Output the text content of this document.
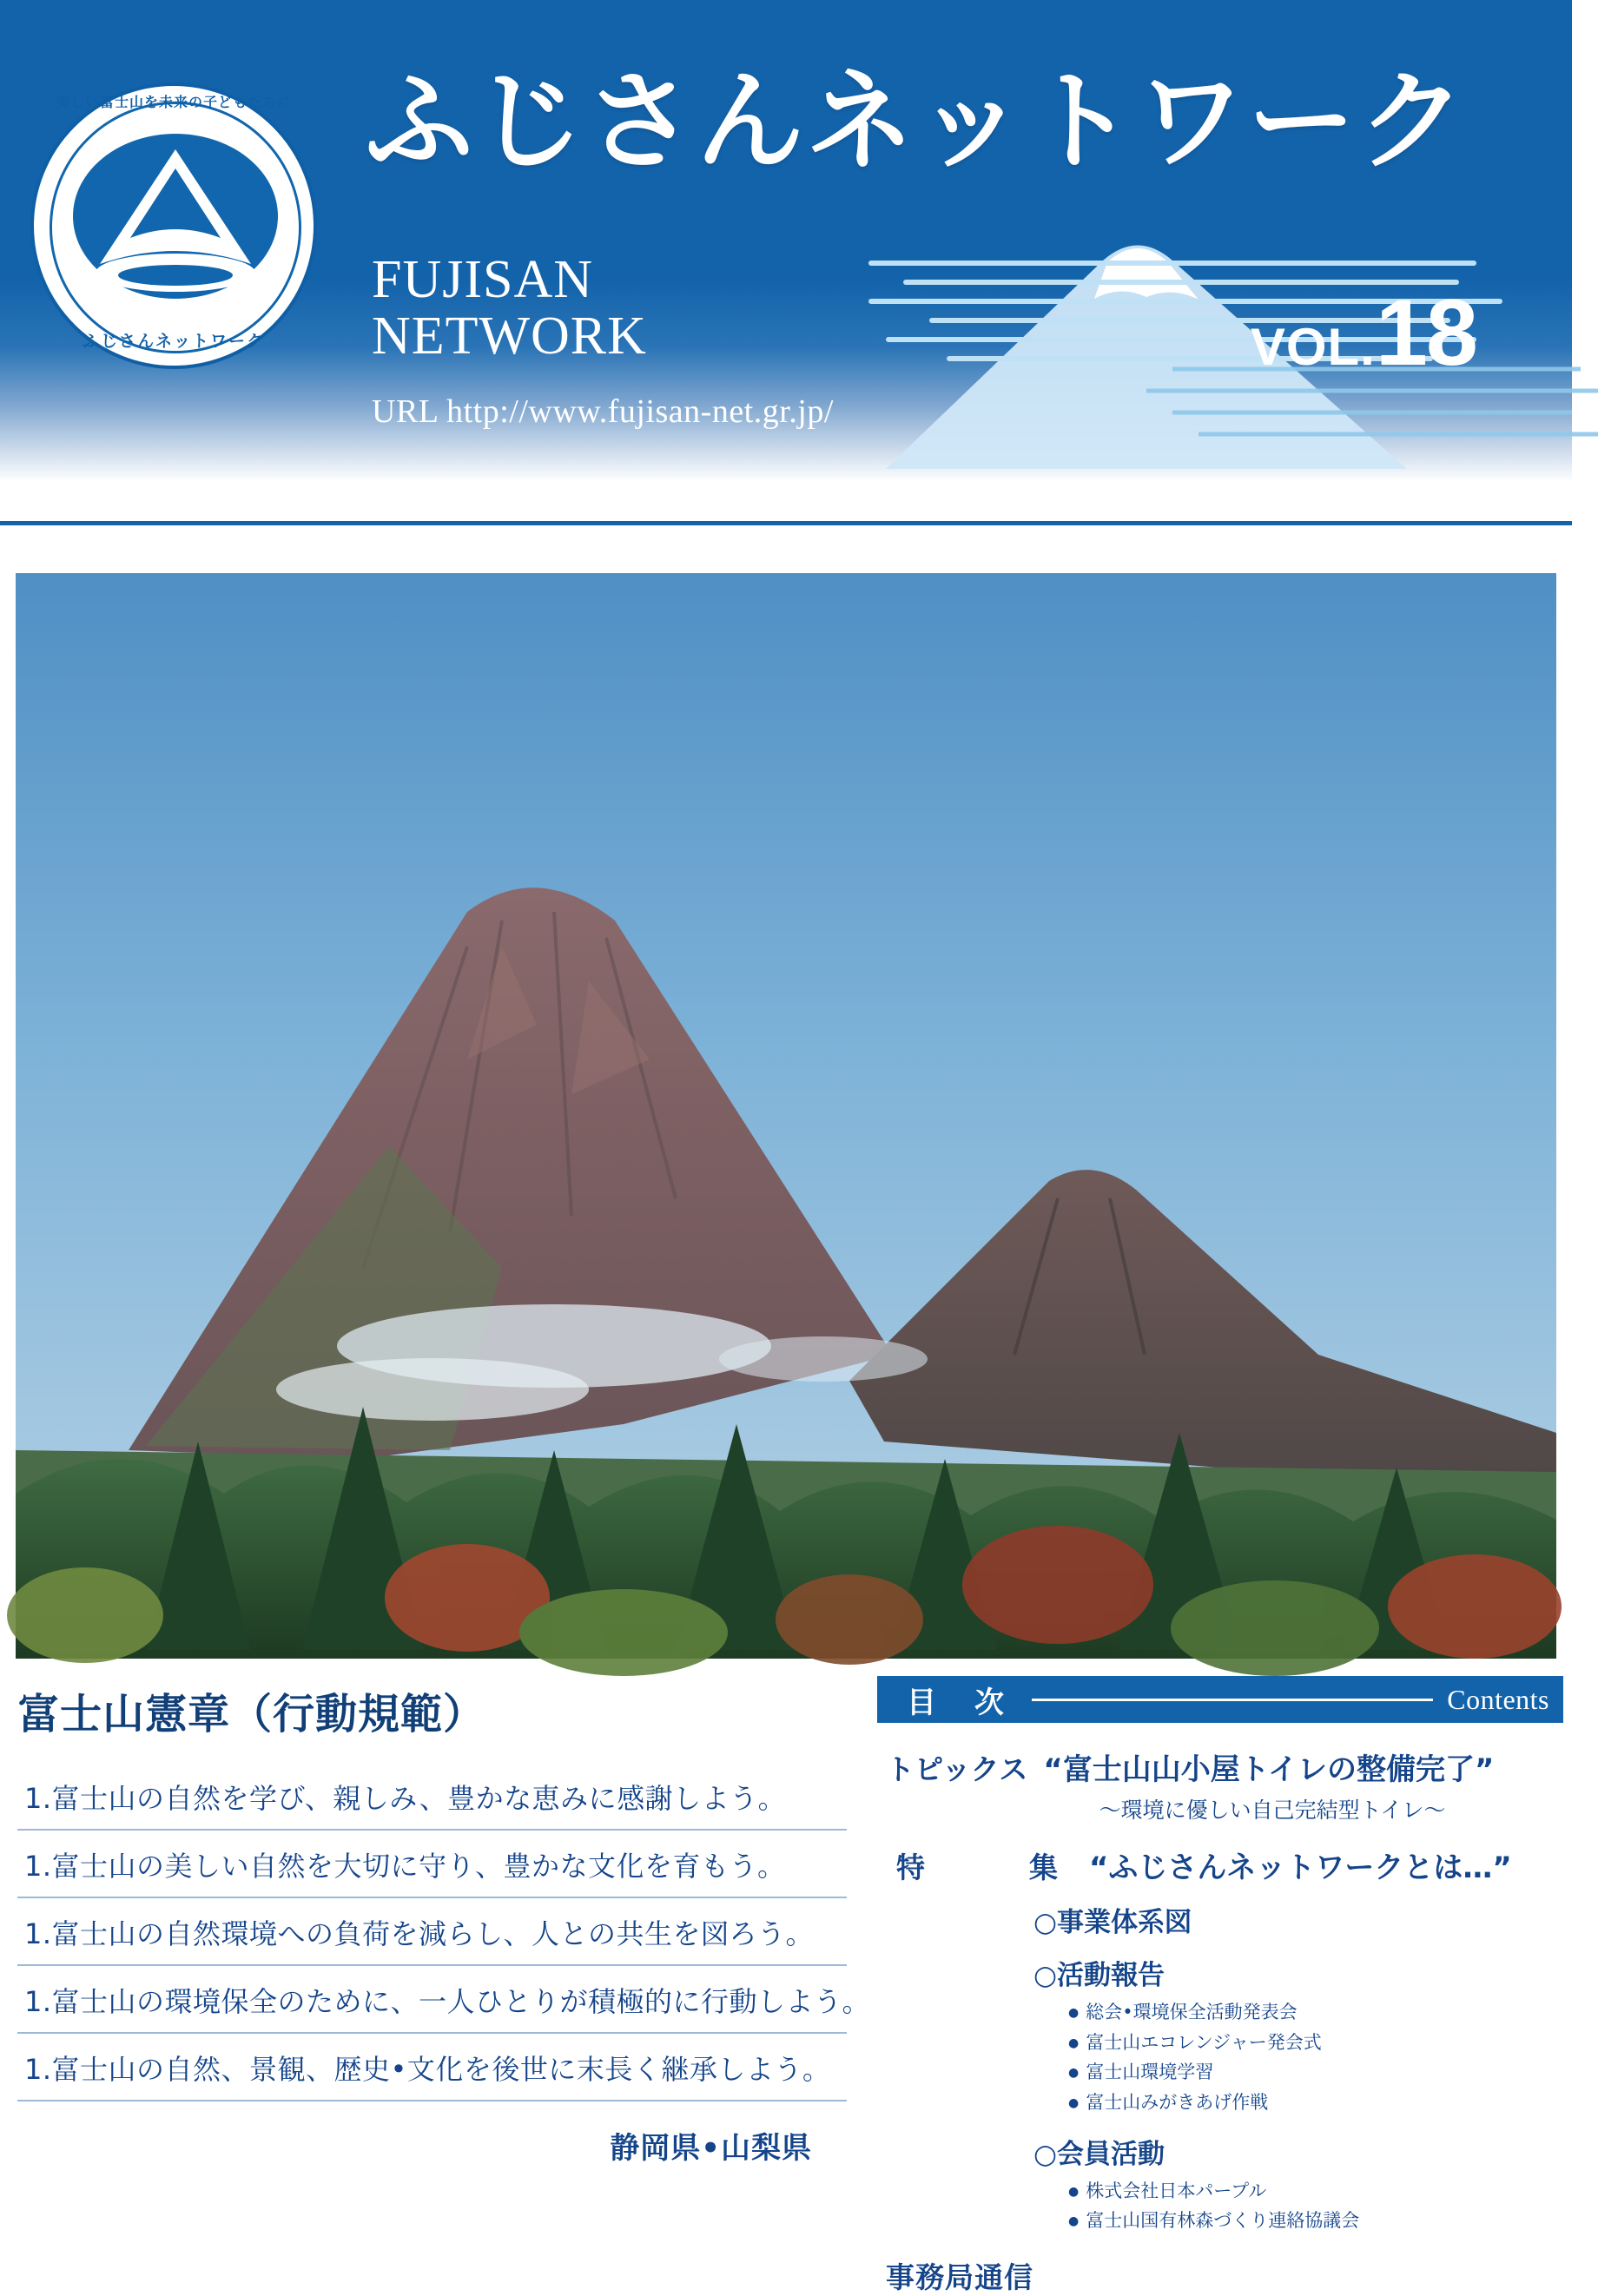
美しい富士山を未来の子どもたちに
ふじさんネットワーク
ふじさんネットワーク
FUJISAN
NETWORK
URL http://www.fujisan-net.gr.jp/
VOL.18
富士山憲章（行動規範）
1.富士山の自然を学び、親しみ、豊かな恵みに感謝しよう。
1.富士山の美しい自然を大切に守り、豊かな文化を育もう。
1.富士山の自然環境への負荷を減らし、人との共生を図ろう。
1.富士山の環境保全のために、一人ひとりが積極的に行動しよう。
1.富士山の自然、景観、歴史•文化を後世に末長く継承しよう。
静岡県•山梨県
目 次	Contents
トピックス “富士山山小屋トイレの整備完了”
〜環境に優しい自己完結型トイレ〜
特　　集 “ふじさんネットワークとは…”
○事業体系図
○活動報告
● 総会•環境保全活動発表会
● 富士山エコレンジャー発会式
● 富士山環境学習
● 富士山みがきあげ作戦
○会員活動
● 株式会社日本パープル
● 富士山国有林森づくり連絡協議会
事務局通信
